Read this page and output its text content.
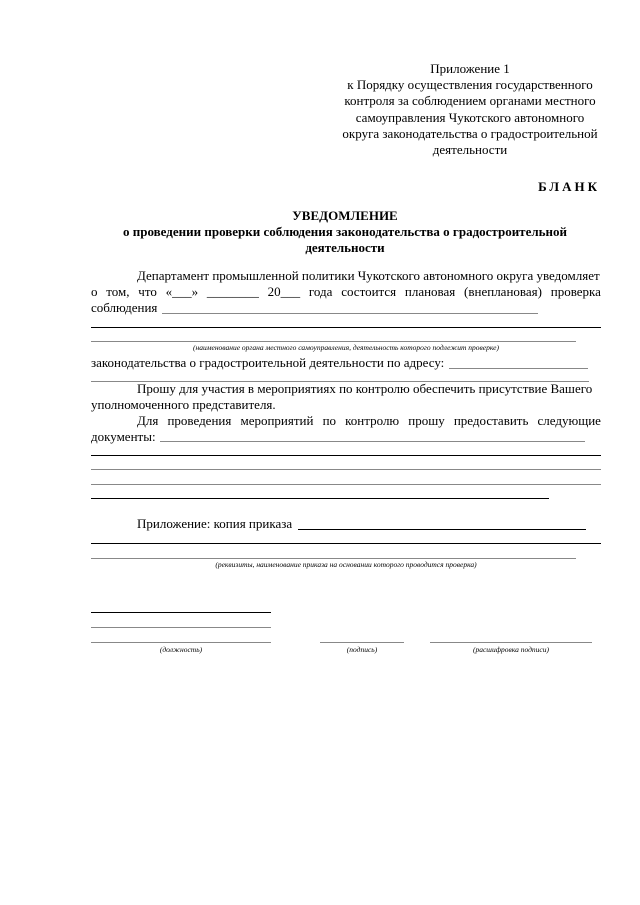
Приложение 1
к Порядку осуществления государственного
контроля за соблюдением органами местного
самоуправления Чукотского автономного
округа законодательства о градостроительной
деятельности
БЛАНК
УВЕДОМЛЕНИЕ
о проведении проверки соблюдения законодательства о градостроительной
деятельности
Департамент промышленной политики Чукотского автономного округа уведомляет
о том, что «___» ________ 20___ года состоится плановая (внеплановая) проверка
соблюдения
(наименование органа местного самоуправления, деятельность которого подлежит проверке)
законодательства о градостроительной деятельности по адресу:
Прошу для участия в мероприятиях по контролю обеспечить присутствие Вашего
уполномоченного представителя.
Для проведения мероприятий по контролю прошу предоставить следующие
документы:
Приложение: копия приказа
(реквизиты, наименование приказа на основании которого проводится проверка)
(должность)	(подпись)	(расшифровка подписи)
